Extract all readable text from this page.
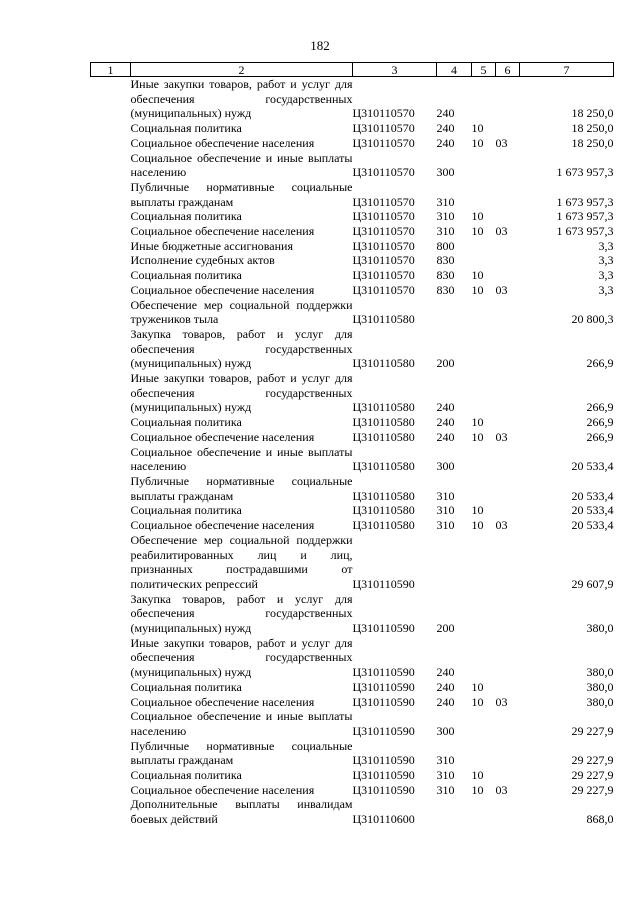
182
1	2	3	4	5	6	7
	Иные закупки товаров, работ и услуг для обеспечения государственных (муниципальных) нужд	Ц310110570	240			18 250,0
	Социальная политика	Ц310110570	240	10		18 250,0
	Социальное обеспечение населения	Ц310110570	240	10	03	18 250,0
	Социальное обеспечение и иные выплаты населению	Ц310110570	300			1 673 957,3
	Публичные нормативные социальные выплаты гражданам	Ц310110570	310			1 673 957,3
	Социальная политика	Ц310110570	310	10		1 673 957,3
	Социальное обеспечение населения	Ц310110570	310	10	03	1 673 957,3
	Иные бюджетные ассигнования	Ц310110570	800			3,3
	Исполнение судебных актов	Ц310110570	830			3,3
	Социальная политика	Ц310110570	830	10		3,3
	Социальное обеспечение населения	Ц310110570	830	10	03	3,3
	Обеспечение мер социальной поддержки тружеников тыла	Ц310110580				20 800,3
	Закупка товаров, работ и услуг для обеспечения государственных (муниципальных) нужд	Ц310110580	200			266,9
	Иные закупки товаров, работ и услуг для обеспечения государственных (муниципальных) нужд	Ц310110580	240			266,9
	Социальная политика	Ц310110580	240	10		266,9
	Социальное обеспечение населения	Ц310110580	240	10	03	266,9
	Социальное обеспечение и иные выплаты населению	Ц310110580	300			20 533,4
	Публичные нормативные социальные выплаты гражданам	Ц310110580	310			20 533,4
	Социальная политика	Ц310110580	310	10		20 533,4
	Социальное обеспечение населения	Ц310110580	310	10	03	20 533,4
	Обеспечение мер социальной поддержки реабилитированных лиц и лиц, признанных пострадавшими от политических репрессий	Ц310110590				29 607,9
	Закупка товаров, работ и услуг для обеспечения государственных (муниципальных) нужд	Ц310110590	200			380,0
	Иные закупки товаров, работ и услуг для обеспечения государственных (муниципальных) нужд	Ц310110590	240			380,0
	Социальная политика	Ц310110590	240	10		380,0
	Социальное обеспечение населения	Ц310110590	240	10	03	380,0
	Социальное обеспечение и иные выплаты населению	Ц310110590	300			29 227,9
	Публичные нормативные социальные выплаты гражданам	Ц310110590	310			29 227,9
	Социальная политика	Ц310110590	310	10		29 227,9
	Социальное обеспечение населения	Ц310110590	310	10	03	29 227,9
	Дополнительные выплаты инвалидам боевых действий	Ц310110600				868,0
